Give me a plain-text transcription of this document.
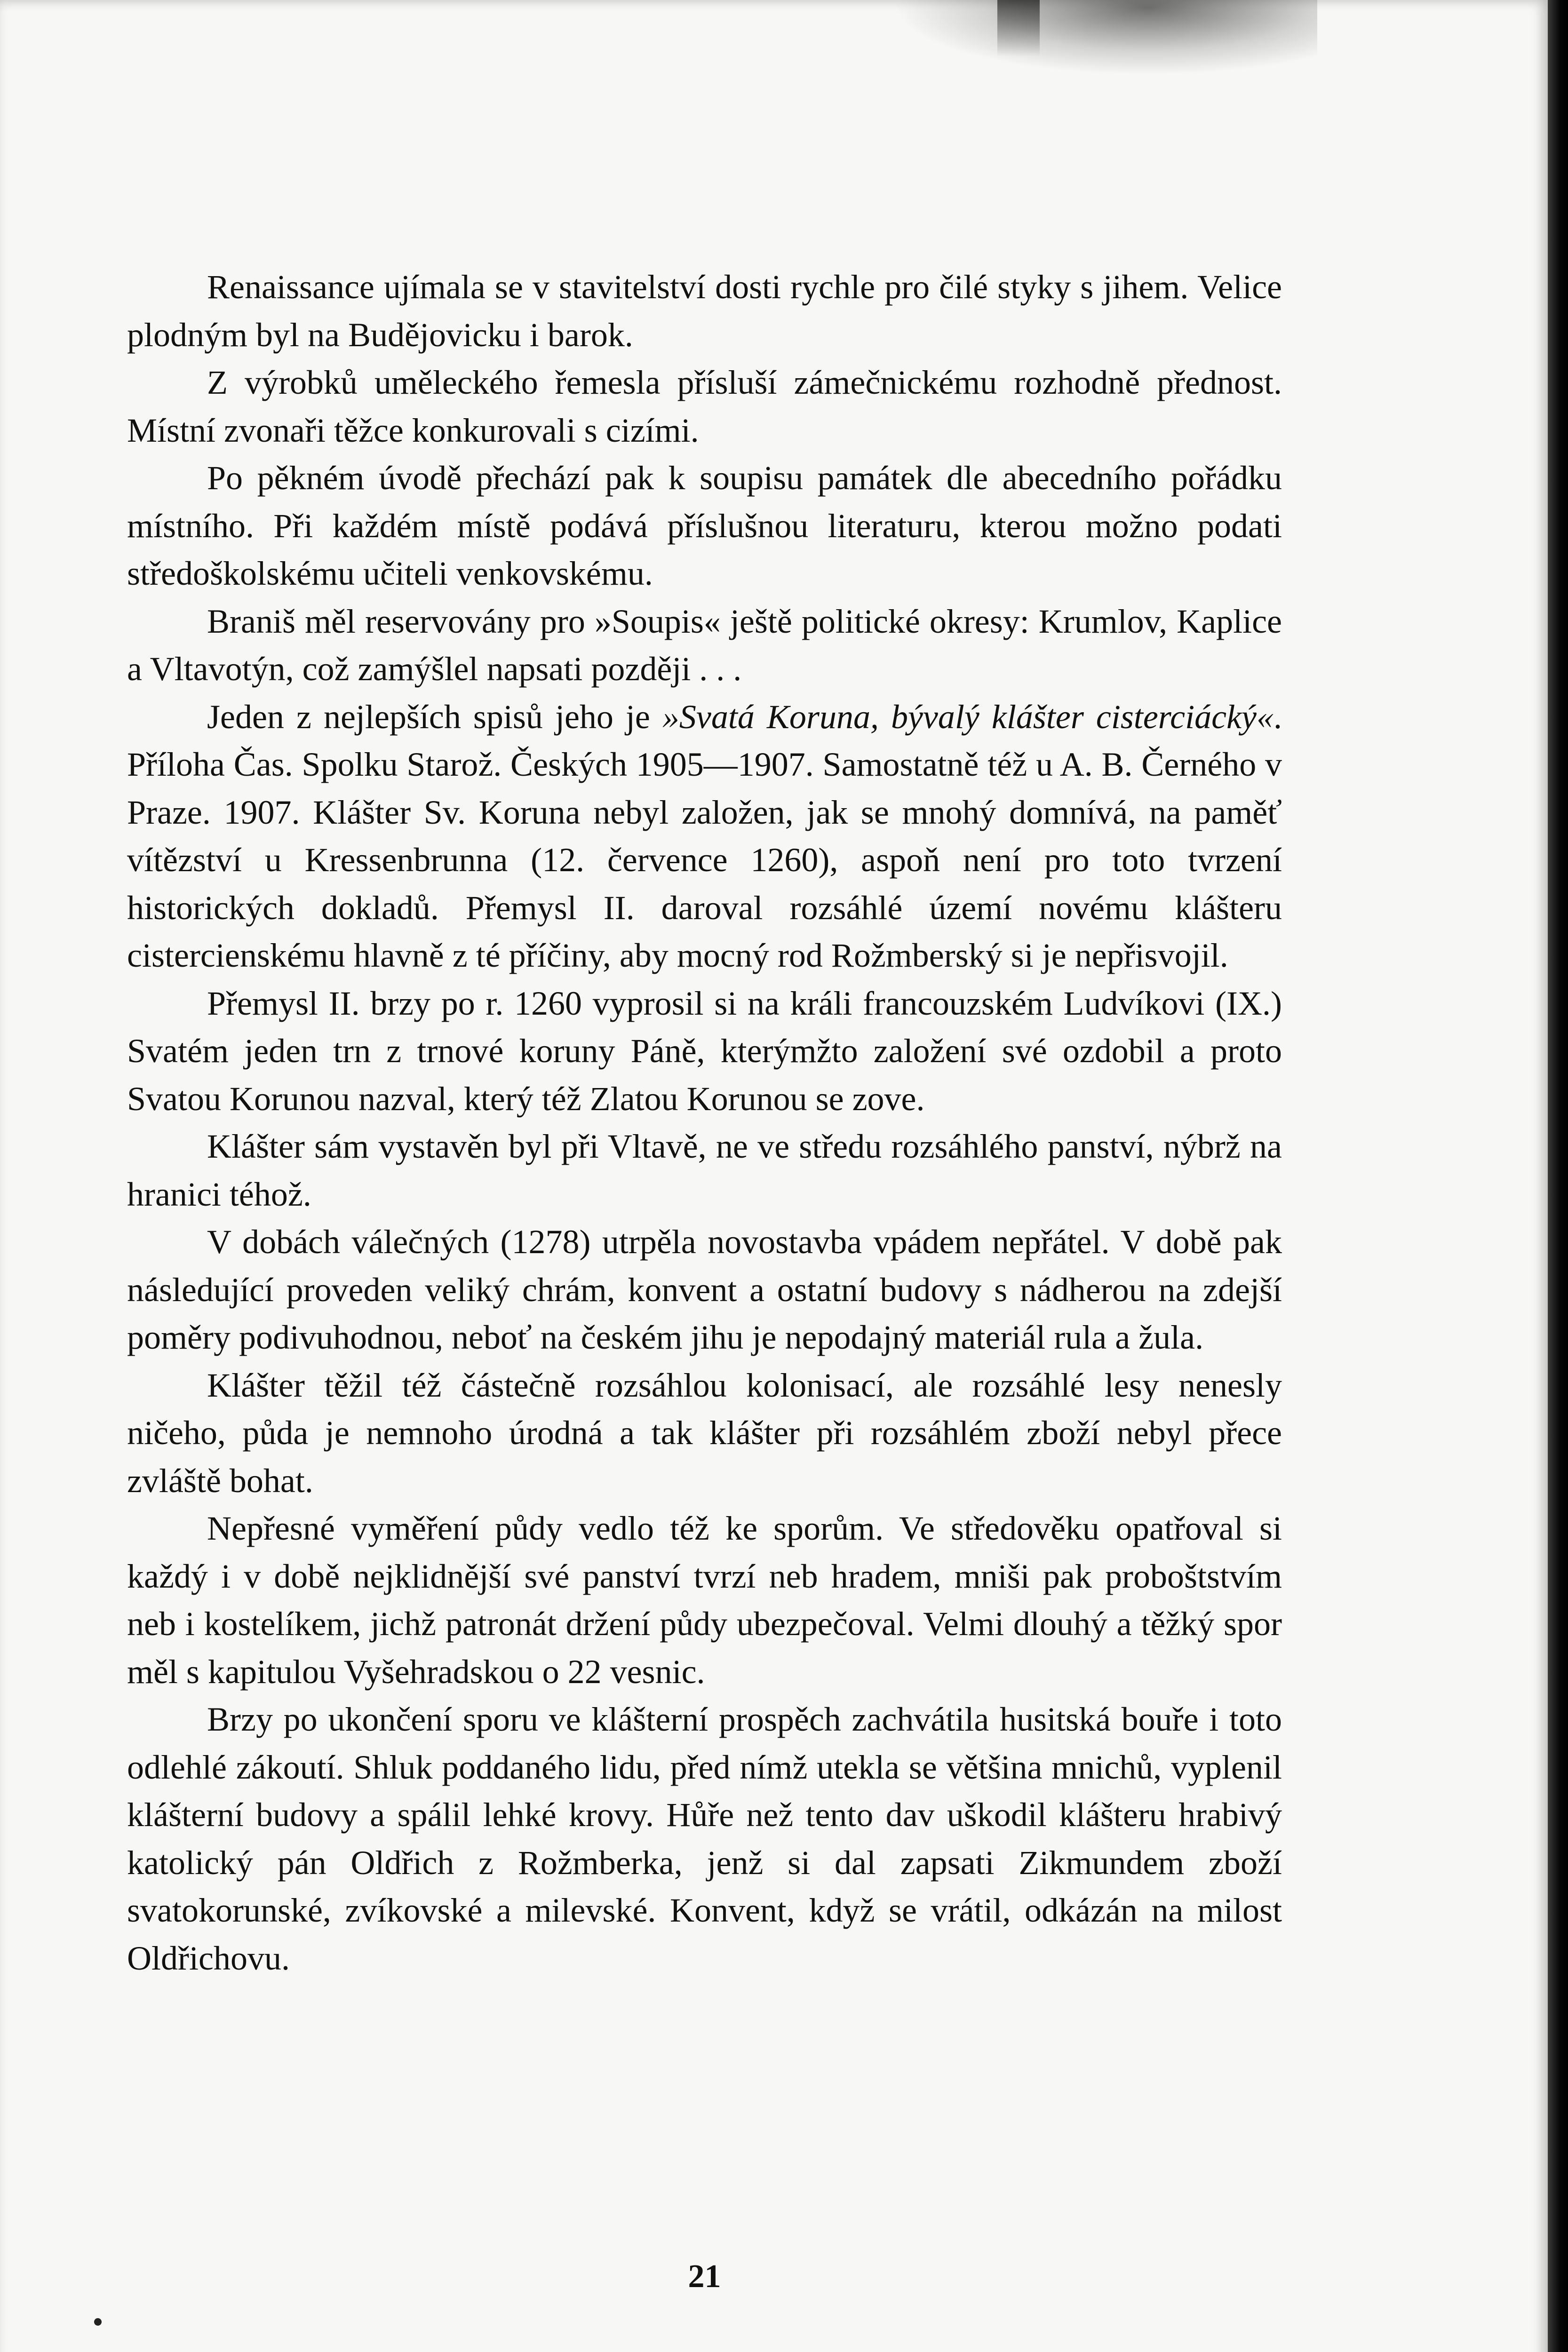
Renaissance ujímala se v stavitelství dosti rychle pro čilé styky s jihem. Velice plodným byl na Budějovicku i barok.

Z výrobků uměleckého řemesla přísluší zámečnickému rozhodně přednost. Místní zvonaři těžce konkurovali s cizími.

Po pěkném úvodě přechází pak k soupisu památek dle abecedního pořádku místního. Při každém místě podává příslušnou literaturu, kterou možno podati středoškolskému učiteli venkovskému.

Braniš měl reservovány pro »Soupis« ještě politické okresy: Krumlov, Kaplice a Vltavotýn, což zamýšlel napsati později . . .

Jeden z nejlepších spisů jeho je »Svatá Koruna, bývalý klášter cisterciácký«. Příloha Čas. Spolku Starož. Českých 1905—1907. Samostatně též u A. B. Černého v Praze. 1907. Klášter Sv. Koruna nebyl založen, jak se mnohý domnívá, na paměť vítězství u Kressenbrunna (12. července 1260), aspoň není pro toto tvrzení historických dokladů. Přemysl II. daroval rozsáhlé území novému klášteru cistercienskému hlavně z té příčiny, aby mocný rod Rožmberský si je nepřisvojil.

Přemysl II. brzy po r. 1260 vyprosil si na králi francouzském Ludvíkovi (IX.) Svatém jeden trn z trnové koruny Páně, kterýmžto založení své ozdobil a proto Svatou Korunou nazval, který též Zlatou Korunou se zove.

Klášter sám vystavěn byl při Vltavě, ne ve středu rozsáhlého panství, nýbrž na hranici téhož.

V dobách válečných (1278) utrpěla novostavba vpádem nepřátel. V době pak následující proveden veliký chrám, konvent a ostatní budovy s nádherou na zdejší poměry podivuhodnou, neboť na českém jihu je nepodajný materiál rula a žula.

Klášter těžil též částečně rozsáhlou kolonisací, ale rozsáhlé lesy nenesly ničeho, půda je nemnoho úrodná a tak klášter při rozsáhlém zboží nebyl přece zvláště bohat.

Nepřesné vyměření půdy vedlo též ke sporům. Ve středověku opatřoval si každý i v době nejklidnější své panství tvrzí neb hradem, mniši pak proboštstvím neb i kostelíkem, jichž patronát držení půdy ubezpečoval. Velmi dlouhý a těžký spor měl s kapitulou Vyšehradskou o 22 vesnic.

Brzy po ukončení sporu ve klášterní prospěch zachvátila husitská bouře i toto odlehlé zákoutí. Shluk poddaného lidu, před nímž utekla se většina mnichů, vyplenil klášterní budovy a spálil lehké krovy. Hůře než tento dav uškodil klášteru hrabivý katolický pán Oldřich z Rožmberka, jenž si dal zapsati Zikmundem zboží svatokorunské, zvíkovské a milevské. Konvent, když se vrátil, odkázán na milost Oldřichovu.

21
